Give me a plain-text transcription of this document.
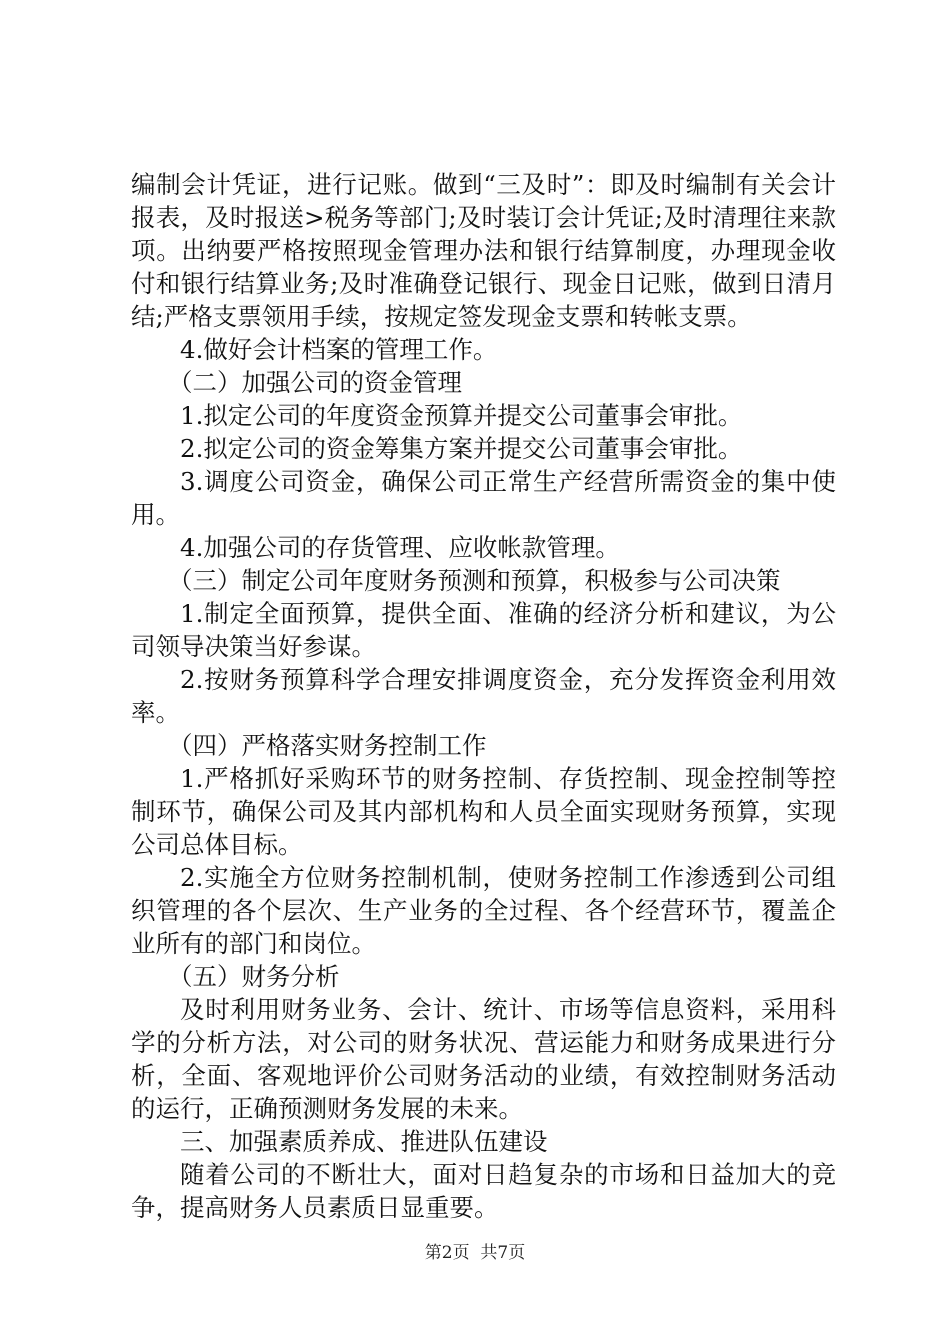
编制会计凭证，进行记账。做到“三及时”：即及时编制有关会计报表，及时报送>税务等部门;及时装订会计凭证;及时清理往来款项。出纳要严格按照现金管理办法和银行结算制度，办理现金收付和银行结算业务;及时准确登记银行、现金日记账，做到日清月结;严格支票领用手续，按规定签发现金支票和转帐支票。

4.做好会计档案的管理工作。

（二）加强公司的资金管理

1.拟定公司的年度资金预算并提交公司董事会审批。

2.拟定公司的资金筹集方案并提交公司董事会审批。

3.调度公司资金，确保公司正常生产经营所需资金的集中使用。

4.加强公司的存货管理、应收帐款管理。

（三）制定公司年度财务预测和预算，积极参与公司决策

1.制定全面预算，提供全面、准确的经济分析和建议，为公司领导决策当好参谋。

2.按财务预算科学合理安排调度资金，充分发挥资金利用效率。

（四）严格落实财务控制工作

1.严格抓好采购环节的财务控制、存货控制、现金控制等控制环节，确保公司及其内部机构和人员全面实现财务预算，实现公司总体目标。

2.实施全方位财务控制机制，使财务控制工作渗透到公司组织管理的各个层次、生产业务的全过程、各个经营环节，覆盖企业所有的部门和岗位。

（五）财务分析

及时利用财务业务、会计、统计、市场等信息资料，采用科学的分析方法，对公司的财务状况、营运能力和财务成果进行分析，全面、客观地评价公司财务活动的业绩，有效控制财务活动的运行，正确预测财务发展的未来。

三、加强素质养成、推进队伍建设

随着公司的不断壮大，面对日趋复杂的市场和日益加大的竞争，提高财务人员素质日显重要。

第2页  共7页
